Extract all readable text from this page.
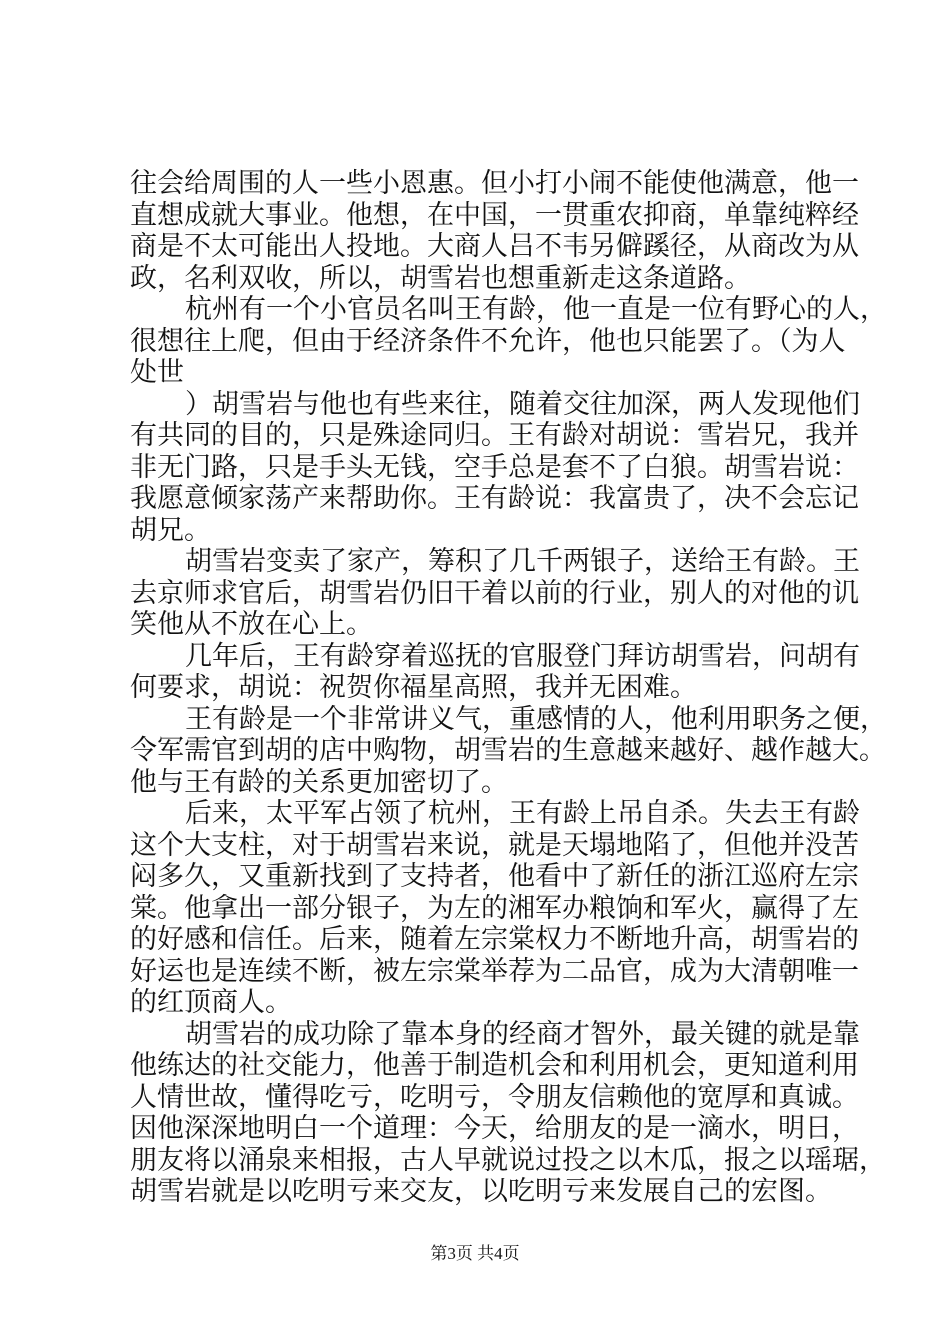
往会给周围的人一些小恩惠。但小打小闹不能使他满意，他一
直想成就大事业。他想，在中国，一贯重农抑商，单靠纯粹经
商是不太可能出人投地。大商人吕不韦另僻蹊径，从商改为从
政，名利双收，所以，胡雪岩也想重新走这条道路。
杭州有一个小官员名叫王有龄，他一直是一位有野心的人，
很想往上爬，但由于经济条件不允许，他也只能罢了。（为人
处世
）胡雪岩与他也有些来往，随着交往加深，两人发现他们
有共同的目的，只是殊途同归。王有龄对胡说：雪岩兄，我并
非无门路，只是手头无钱，空手总是套不了白狼。胡雪岩说：
我愿意倾家荡产来帮助你。王有龄说：我富贵了，决不会忘记
胡兄。
胡雪岩变卖了家产，筹积了几千两银子，送给王有龄。王
去京师求官后，胡雪岩仍旧干着以前的行业，别人的对他的讥
笑他从不放在心上。
几年后，王有龄穿着巡抚的官服登门拜访胡雪岩，问胡有
何要求，胡说：祝贺你福星高照，我并无困难。
王有龄是一个非常讲义气，重感情的人，他利用职务之便，
令军需官到胡的店中购物，胡雪岩的生意越来越好、越作越大。
他与王有龄的关系更加密切了。
后来，太平军占领了杭州，王有龄上吊自杀。失去王有龄
这个大支柱，对于胡雪岩来说，就是天塌地陷了，但他并没苦
闷多久，又重新找到了支持者，他看中了新任的浙江巡府左宗
棠。他拿出一部分银子，为左的湘军办粮饷和军火，赢得了左
的好感和信任。后来，随着左宗棠权力不断地升高，胡雪岩的
好运也是连续不断，被左宗棠举荐为二品官，成为大清朝唯一
的红顶商人。
胡雪岩的成功除了靠本身的经商才智外，最关键的就是靠
他练达的社交能力，他善于制造机会和利用机会，更知道利用
人情世故，懂得吃亏，吃明亏，令朋友信赖他的宽厚和真诚。
因他深深地明白一个道理：今天，给朋友的是一滴水，明日，
朋友将以涌泉来相报，古人早就说过投之以木瓜，报之以瑶琚，
胡雪岩就是以吃明亏来交友，以吃明亏来发展自己的宏图。
第3页 共4页
